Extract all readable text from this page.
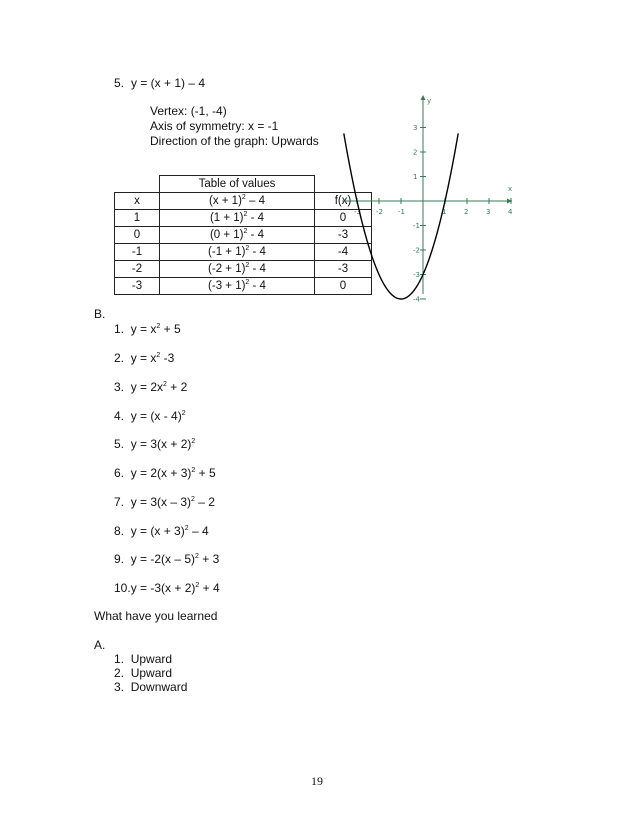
5. y = (x + 1) – 4
Vertex: (-1, -4)
Axis of symmetry: x = -1
Direction of the graph: Upwards
	Table of values	
x	$(x + 1)^2 - 4$	f(x)
1	$(1 + 1)^2 - 4$	0
0	$(0 + 1)^2 - 4$	-3
-1	$(-1 + 1)^2 - 4$	-4
-2	$(-2 + 1)^2 - 4$	-3
-3	$(-3 + 1)^2 - 4$	0
x
y
-3 -2 -1	1	2	3	4
3
2
1
-1
-2
-3
-4
B.
1. $y = x^2 + 5$
2. $y = x^2$ -3
3. $y = 2x^2 + 2$
4. y = (x - 4)$^2$
5. $y = 3(x + 2)^2$
6. $y = 2(x + 3)^2 + 5$
7. y = 3(x – 3)$^2$ – 2
8. $y = (x + 3)^2 - 4$
9. y = -2(x – 5)$^2$ + 3
$10.y = -3(x + 2)^2 + 4$
What have you learned
A.
1. Upward
2. Upward
3. Downward
19
